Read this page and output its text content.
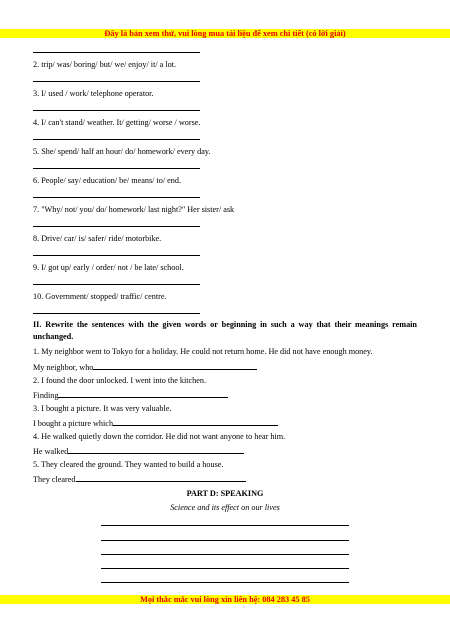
Đây là bản xem thử, vui lòng mua tài liệu để xem chi tiết (có lời giải)
2. trip/ was/ boring/ but/ we/ enjoy/ it/ a lot.
3. I/ used / work/ telephone operator.
4. I/ can't stand/ weather. It/ getting/ worse / worse.
5. She/ spend/ half an hour/ do/ homework/ every day.
6. People/ say/ education/ be/ means/ to/ end.
7. "Why/ not/ you/ do/ homework/ last night?" Her sister/ ask
8. Drive/ car/ is/ safer/ ride/ motorbike.
9. I/ got up/ early / order/ not / be late/ school.
10. Government/ stopped/ traffic/ centre.
II. Rewrite the sentences with the given words or beginning in such a way that their meanings remain unchanged.
1. My neighbor went to Tokyo for a holiday. He could not return home. He did not have enough money.
My neighbor, who
2. I found the door unlocked. I went into the kitchen.
Finding
3. I bought a picture. It was very valuable.
I bought a picture which
4. He walked quietly down the corridor. He did not want anyone to hear him.
He walked
5. They cleared the ground. They wanted to build a house.
They cleared
PART D: SPEAKING
Science and its effect on our lives
Mọi thắc mắc vui lòng xin liên hệ: 084 283 45 85
